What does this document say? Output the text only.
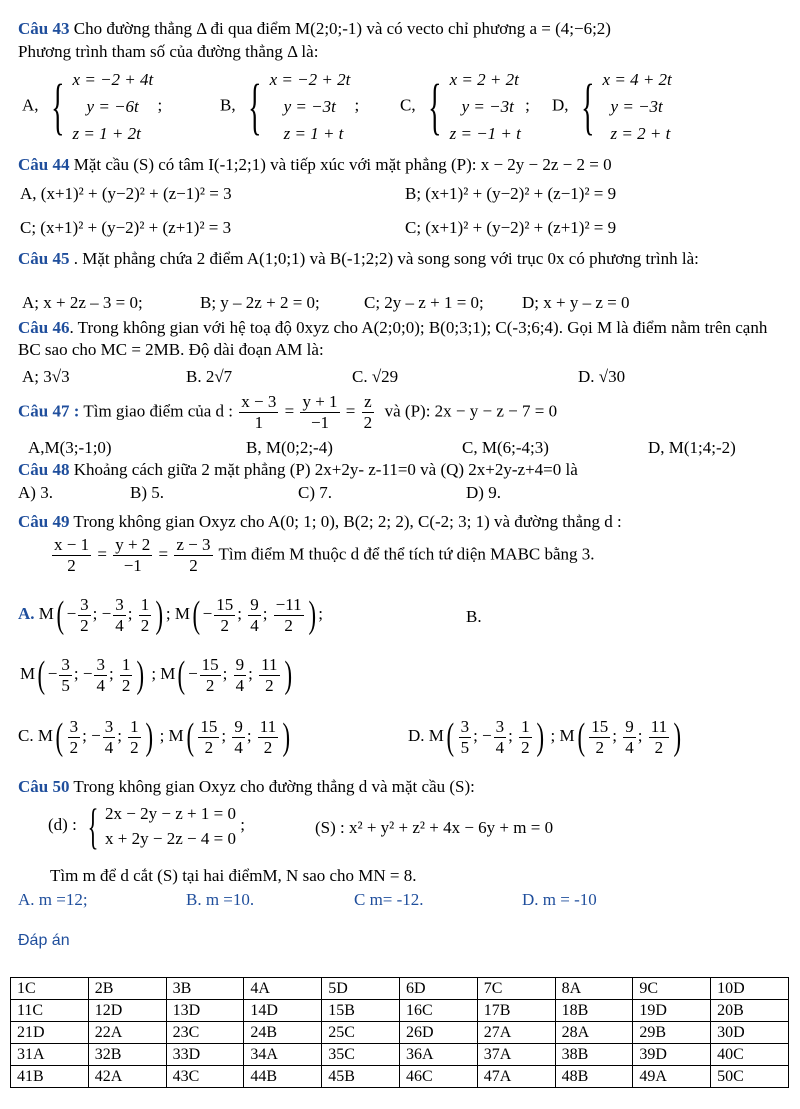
Câu 43 Cho đường thẳng Δ đi qua điểm M(2;0;-1) và có vecto chỉ phương a = (4;−6;2)
Phương trình tham số của đường thẳng Δ là:
A, { x = −2 + 4t
y = −6t
z = 1 + 2t
;	B, { x = −2 + 2t
y = −3t
z = 1 + t
; C, { x = 2 + 2t
y = −3t
z = −1 + t
; D, { x = 4 + 2t
y = −3t
z = 2 + t
Câu 44 Mặt cầu (S) có tâm I(-1;2;1) và tiếp xúc với mặt phẳng (P): x − 2y − 2z − 2 = 0
A, (x+1)² + (y−2)² + (z−1)² = 3	B; (x+1)² + (y−2)² + (z−1)² = 9
C; (x+1)² + (y−2)² + (z+1)² = 3	C; (x+1)² + (y−2)² + (z+1)² = 9
Câu 45 . Mặt phẳng chứa 2 điểm A(1;0;1) và B(-1;2;2) và song song với trục 0x có phương trình là:
A; x + 2z – 3 = 0;	B; y – 2z + 2 = 0;	C; 2y – z + 1 = 0; D; x + y – z = 0
Câu 46. Trong không gian với hệ toạ độ 0xyz cho A(2;0;0); B(0;3;1); C(-3;6;4). Gọi M là điểm nằm trên cạnh BC sao cho MC = 2MB. Độ dài đoạn AM là:
A; 3√3	B. 2√7	C. √29	D. √30
Câu 47 : Tìm giao điểm của d : $\frac{x - 3}{1} = \frac{y + 1}{-1} = \frac{z}{2}$ và (P): 2x − y − z − 7 = 0
A,M(3;-1;0)	B, M(0;2;-4)	C, M(6;-4;3)	D, M(1;4;-2)
Câu 48 Khoảng cách giữa 2 mặt phẳng (P) 2x+2y- z-11=0 và (Q) 2x+2y-z+4=0 là
A) 3.	B) 5.	C) 7.	D) 9.
Câu 49 Trong không gian Oxyz cho A(0; 1; 0), B(2; 2; 2), C(-2; 3; 1) và đường thẳng d :
$\frac{x - 1}{2} = \frac{y + 2}{-1} = \frac{z - 3}{2}$ Tìm điểm M thuộc d để thể tích tứ diện MABC bằng 3.
A. $M( - \frac{3}{2}$ ; − $\frac{3}{4}$ ; $\frac{1}{2}$ ) ; $M( - \frac{15}{2}$ ; $\frac{9}{4}$ ; $\frac{-11}{2}$ ) ;	B.
$M( - \frac{3}{5}$ ; − $\frac{3}{4}$ ; $\frac{1}{2}$ ) ; $M( - \frac{15}{2}$ ; $\frac{9}{4}$ ; $\frac{11}{2}$ )
C. $M( \frac{3}{2}$ ; − $\frac{3}{4}$ ; $\frac{1}{2}$ ) ; $M( \frac{15}{2}$ ; $\frac{9}{4}$ ; $\frac{11}{2}$ )	D. $M( \frac{3}{5}$ ; − $\frac{3}{4}$ ; $\frac{1}{2}$ ) ; $M( \frac{15}{2}$ ; $\frac{9}{4}$ ; $\frac{11}{2}$ )
Câu 50 Trong không gian Oxyz cho đường thẳng d và mặt cầu (S):
(d) : { 2x − 2y − z + 1 = 0
x + 2y − 2z − 4 = 0
;	(S) : x² + y² + z² + 4x − 6y + m = 0
Tìm m để d cắt (S) tại hai điểmM, N sao cho MN = 8.
A. m =12;	B. m =10.	C m= -12.	D. m = -10
Đáp án
1C	2B	3B	4A	5D	6D	7C	8A	9C	10D
11C	12D	13D	14D	15B	16C	17B	18B	19D	20B
21D	22A	23C	24B	25C	26D	27A	28A	29B	30D
31A	32B	33D	34A	35C	36A	37A	38B	39D	40C
41B	42A	43C	44B	45B	46C	47A	48B	49A	50C
